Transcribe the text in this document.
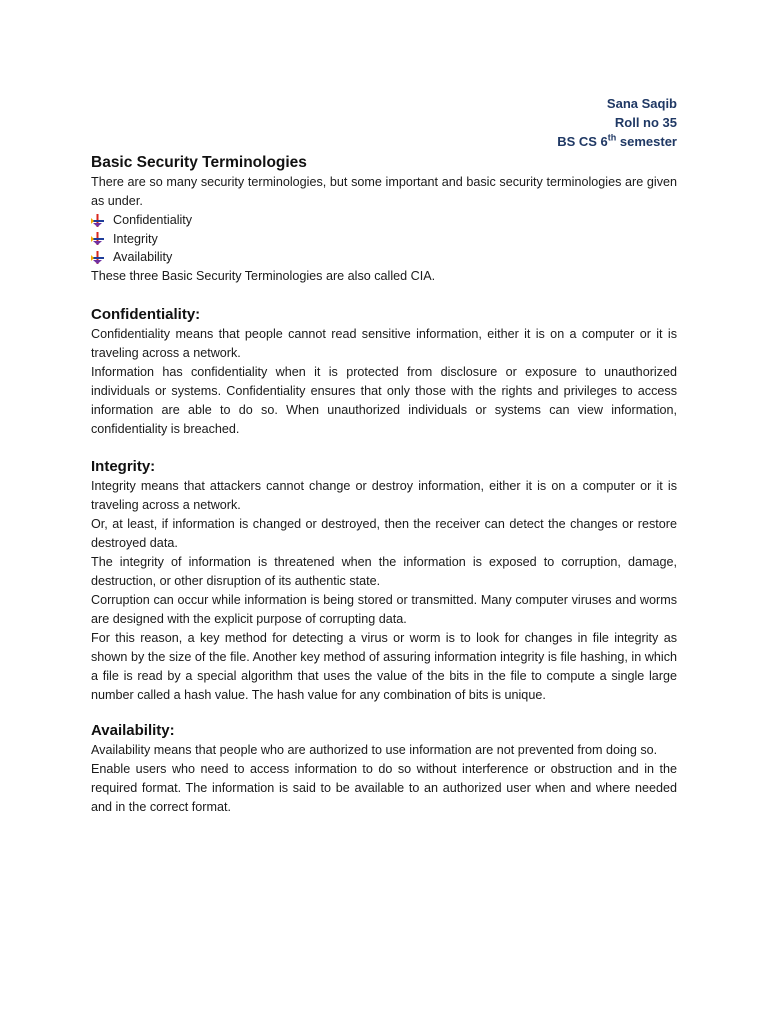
Sana Saqib
Roll no 35
BS CS 6th semester
Basic Security Terminologies

There are so many security terminologies, but some important and basic security terminologies are given as under.

Confidentiality
Integrity
Availability

These three Basic Security Terminologies are also called CIA.

Confidentiality:

Confidentiality means that people cannot read sensitive information, either it is on a computer or it is traveling across a network.

Information has confidentiality when it is protected from disclosure or exposure to unauthorized individuals or systems. Confidentiality ensures that only those with the rights and privileges to access information are able to do so. When unauthorized individuals or systems can view information, confidentiality is breached.

Integrity:

Integrity means that attackers cannot change or destroy information, either it is on a computer or it is traveling across a network.

Or, at least, if information is changed or destroyed, then the receiver can detect the changes or restore destroyed data.

The integrity of information is threatened when the information is exposed to corruption, damage, destruction, or other disruption of its authentic state.

Corruption can occur while information is being stored or transmitted. Many computer viruses and worms are designed with the explicit purpose of corrupting data.

For this reason, a key method for detecting a virus or worm is to look for changes in file integrity as shown by the size of the file. Another key method of assuring information integrity is file hashing, in which a file is read by a special algorithm that uses the value of the bits in the file to compute a single large number called a hash value. The hash value for any combination of bits is unique.

Availability:

Availability means that people who are authorized to use information are not prevented from doing so.

Enable users who need to access information to do so without interference or obstruction and in the required format. The information is said to be available to an authorized user when and where needed and in the correct format.
